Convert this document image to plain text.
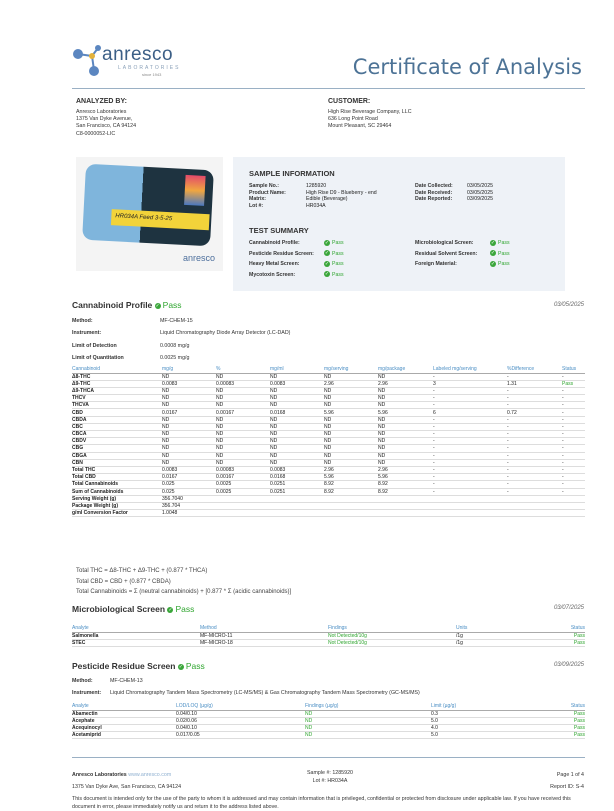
anresco
LABORATORIES
since 1943	Certificate of Analysis
ANALYZED BY:
Anresco Laboratories
1375 Van Dyke Avenue,
San Francisco, CA 94124
C8-0000052-LIC
CUSTOMER:
High Rise Beverage Company, LLC
636 Long Point Road
Mount Pleasant, SC 29464
HR034A Feed 3-5-25
anresco
SAMPLE INFORMATION
Sample No.:	1285920
Product Name:	High Rise D9 - Blueberry - end
Matrix:	Edible (Beverage)
Lot #:	HR034A
Date Collected:	03/05/2025
Date Received:	03/05/2025
Date Reported:	03/09/2025
TEST SUMMARY
Cannabinoid Profile:	✓ Pass
Pesticide Residue Screen: ✓ Pass
Heavy Metal Screen:	✓ Pass
Mycotoxin Screen:	✓ Pass
Microbiological Screen:	✓ Pass
Residual Solvent Screen:	✓ Pass
Foreign Material:	✓ Pass
Cannabinoid Profile ✓ Pass	03/05/2025
Method:	MF-CHEM-15
Instrument:	Liquid Chromatography Diode Array Detector (LC-DAD)
Limit of Detection	0.0008 mg/g
Limit of Quantitation	0.0025 mg/g
Cannabinoid	mg/g	%	mg/ml	mg/serving	mg/package	Labeled mg/serving	%Difference	Status
Δ8-THC	ND	ND	ND	ND	ND	-	-	-
Δ9-THC	0.0083	0.00083	0.0083	2.96	2.96	3	1.31	Pass
Δ9-THCA	ND	ND	ND	ND	ND	-	-	-
THCV	ND	ND	ND	ND	ND	-	-	-
THCVA	ND	ND	ND	ND	ND	-	-	-
CBD	0.0167	0.00167	0.0168	5.96	5.96	6	0.72	-
CBDA	ND	ND	ND	ND	ND	-	-	-
CBC	ND	ND	ND	ND	ND	-	-	-
CBCA	ND	ND	ND	ND	ND	-	-	-
CBDV	ND	ND	ND	ND	ND	-	-	-
CBG	ND	ND	ND	ND	ND	-	-	-
CBGA	ND	ND	ND	ND	ND	-	-	-
CBN	ND	ND	ND	ND	ND	-	-	-
Total THC	0.0083	0.00083	0.0083	2.96	2.96	-	-	-
Total CBD	0.0167	0.00167	0.0168	5.96	5.96	-	-	-
Total Cannabinoids	0.025	0.0025	0.0251	8.92	8.92	-	-	-
Sum of Cannabinoids	0.025	0.0025	0.0251	8.92	8.92	-	-	-
Serving Weight (g)	356.7040							
Package Weight (g)	356.704							
g/ml Conversion Factor	1.0048							
Total THC = Δ8-THC + Δ9-THC + (0.877 * THCA)
Total CBD = CBD + (0.877 * CBDA)
Total Cannabinoids = Σ (neutral cannabinoids) + [0.877 * Σ (acidic cannabinoids)]
Microbiological Screen ✓ Pass	03/07/2025
Analyte	Method	Findings	Units	Status
Salmonella	MF-MICRO-11	Not Detected/10g	/1g	Pass
STEC	MF-MICRO-18	Not Detected/10g	/1g	Pass
Pesticide Residue Screen ✓ Pass	03/09/2025
Method:	MF-CHEM-13
Instrument: Liquid Chromatography Tandem Mass Spectrometry (LC-MS/MS) & Gas Chromatography Tandem Mass Spectrometry (GC-MS/MS)
Analyte	LOD/LOQ (µg/g)	Findings (µg/g)	Limit (µg/g)	Status
Abamectin	0.04/0.10	ND	0.3	Pass
Acephate	0.02/0.06	ND	5.0	Pass
Acequinocyl	0.04/0.10	ND	4.0	Pass
Acetamiprid	0.017/0.05	ND	5.0	Pass
Anresco Laboratories www.anresco.com
1375 Van Dyke Ave, San Francisco, CA 94124
Sample #: 1285920
Lot #: HR034A
Page 1 of 4
Report ID: S-4
This document is intended only for the use of the party to whom it is addressed and may contain information that is privileged, confidential or protected from disclosure under applicable law. If you have received this document in error, please immediately notify us and return it to the address listed above.
